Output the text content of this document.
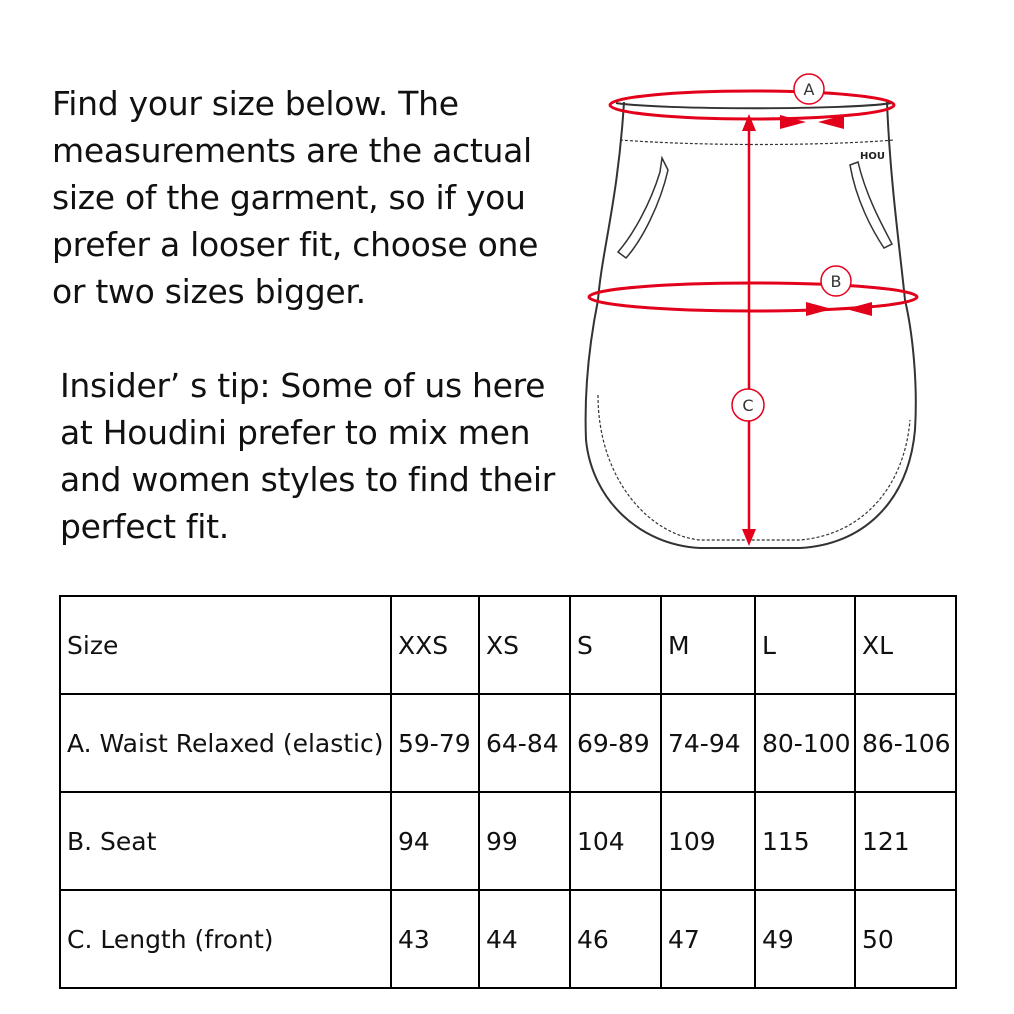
Find your size below. The measurements are the actual size of the garment, so if you prefer a looser fit, choose one or two sizes bigger.

Insider’ s tip: Some of us here at Houdini prefer to mix men and women styles to find their perfect fit.

HOU
A
B
C
Size	XXS	XS	S	M	L	XL
A. Waist Relaxed (elastic)	59-79	64-84	69-89	74-94	80-100	86-106
B. Seat	94	99	104	109	115	121
C. Length (front)	43	44	46	47	49	50
